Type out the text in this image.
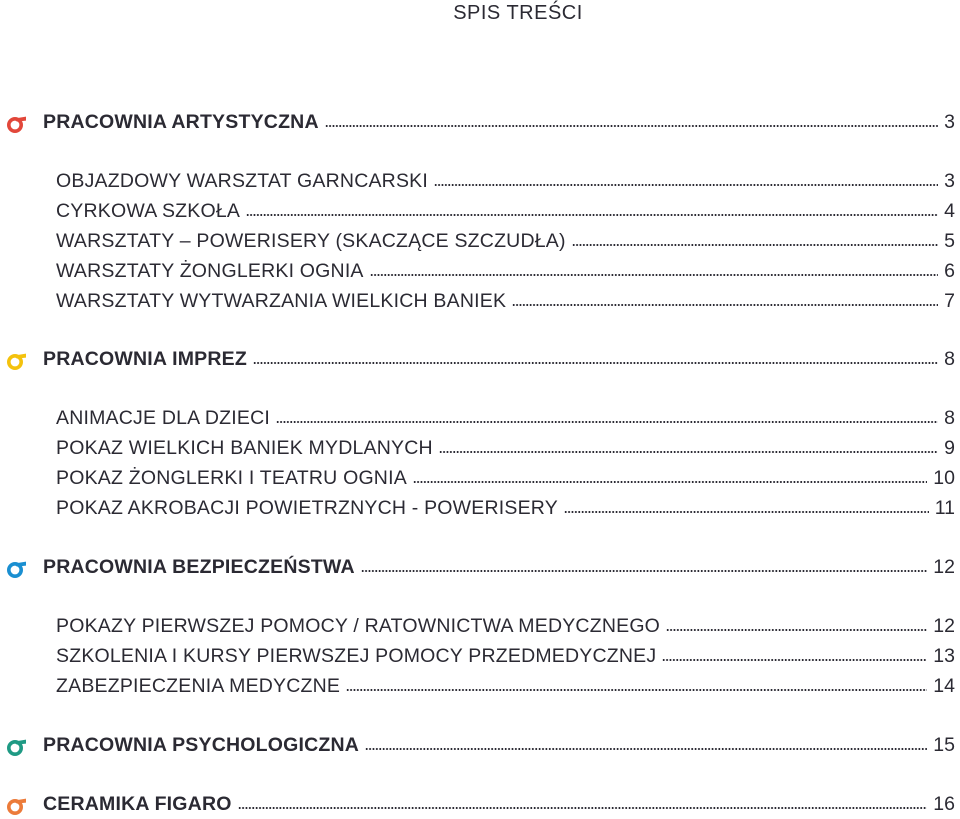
SPIS TREŚCI
PRACOWNIA ARTYSTYCZNA	3
OBJAZDOWY WARSZTAT GARNCARSKI	3
CYRKOWA SZKOŁA	4
WARSZTATY – POWERISERY (SKACZĄCE SZCZUDŁA)	5
WARSZTATY ŻONGLERKI OGNIA	6
WARSZTATY WYTWARZANIA WIELKICH BANIEK	7
PRACOWNIA IMPREZ	8
ANIMACJE DLA DZIECI	8
POKAZ WIELKICH BANIEK MYDLANYCH	9
POKAZ ŻONGLERKI I TEATRU OGNIA	10
POKAZ AKROBACJI POWIETRZNYCH - POWERISERY	11
PRACOWNIA BEZPIECZEŃSTWA	12
POKAZY PIERWSZEJ POMOCY / RATOWNICTWA MEDYCZNEGO	12
SZKOLENIA I KURSY PIERWSZEJ POMOCY PRZEDMEDYCZNEJ	13
ZABEZPIECZENIA MEDYCZNE	14
PRACOWNIA PSYCHOLOGICZNA	15
CERAMIKA FIGARO	16
